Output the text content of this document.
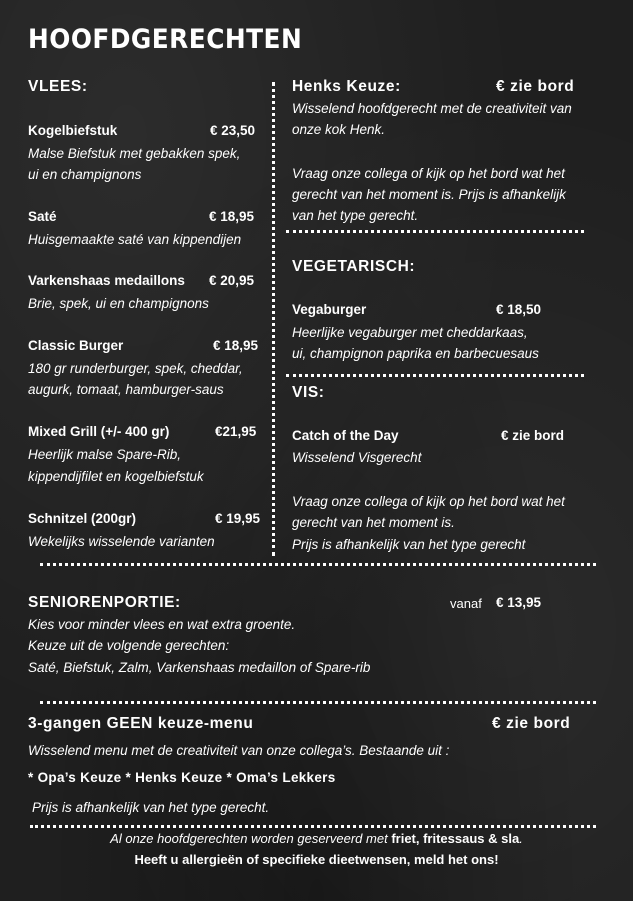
HOOFDGERECHTEN
VLEES:
Kogelbiefstuk	€ 23,50
Malse Biefstuk met gebakken spek,
ui en champignons
Saté	€ 18,95
Huisgemaakte saté van kippendijen
Varkenshaas medaillons € 20,95
Brie, spek, ui en champignons
Classic Burger	€ 18,95
180 gr runderburger, spek, cheddar,
augurk, tomaat, hamburger-saus
Mixed Grill (+/- 400 gr)	€21,95
Heerlijk malse Spare-Rib,
kippendijfilet en kogelbiefstuk
Schnitzel (200gr)	€ 19,95
Wekelijks wisselende varianten
Henks Keuze:	€ zie bord
Wisselend hoofdgerecht met de creativiteit van
onze kok Henk.
Vraag onze collega of kijk op het bord wat het
gerecht van het moment is. Prijs is afhankelijk
van het type gerecht.
VEGETARISCH:
Vegaburger	€ 18,50
Heerlijke vegaburger met cheddarkaas,
ui, champignon paprika en barbecuesaus
VIS:
Catch of the Day	€ zie bord
Wisselend Visgerecht
Vraag onze collega of kijk op het bord wat het
gerecht van het moment is.
Prijs is afhankelijk van het type gerecht
SENIORENPORTIE:	vanaf € 13,95
Kies voor minder vlees en wat extra groente.
Keuze uit de volgende gerechten:
Saté, Biefstuk, Zalm, Varkenshaas medaillon of Spare-rib
3-gangen GEEN keuze-menu	€ zie bord
Wisselend menu met de creativiteit van onze collega’s. Bestaande uit :
* Opa’s Keuze * Henks Keuze * Oma’s Lekkers
Prijs is afhankelijk van het type gerecht.
Al onze hoofdgerechten worden geserveerd met friet, fritessaus & sla.
Heeft u allergieën of specifieke dieetwensen, meld het ons!
